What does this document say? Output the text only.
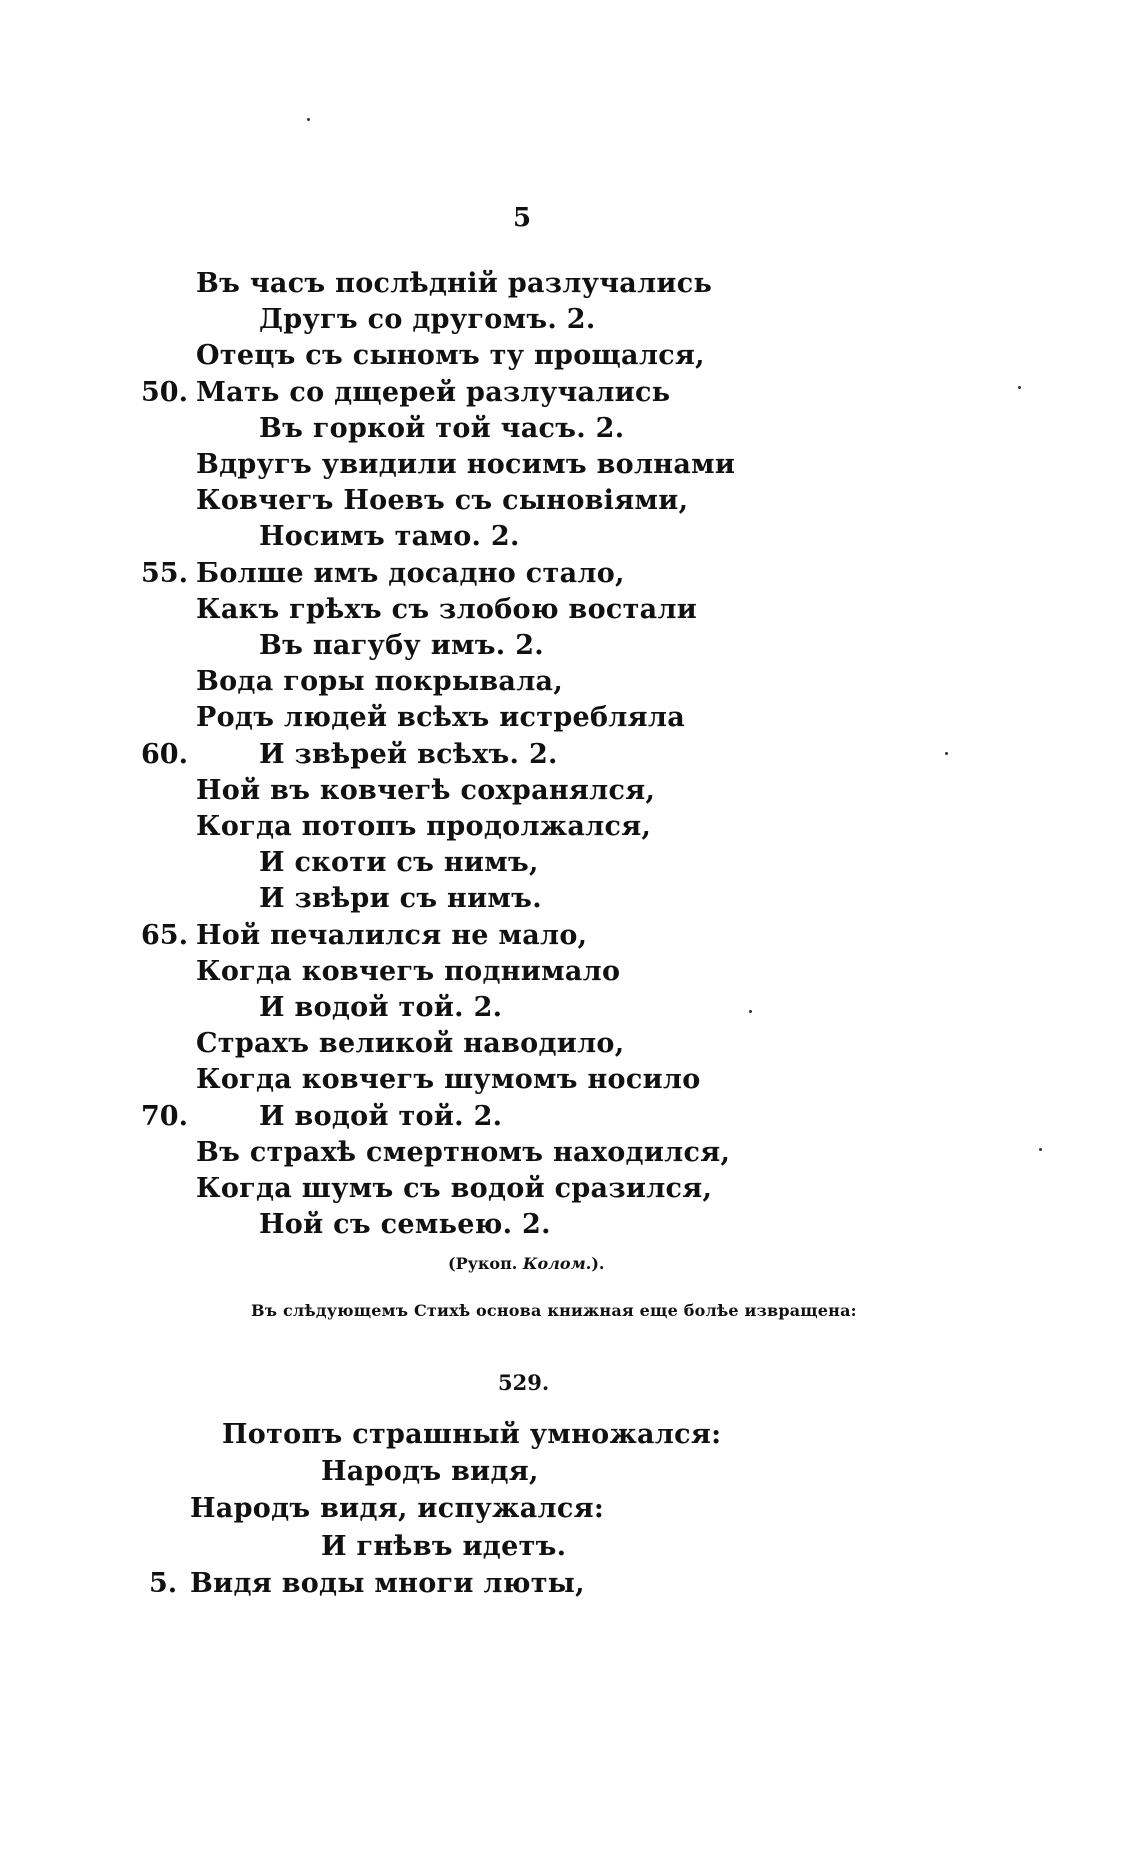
5
Въ часъ послѣдній разлучались
Другъ со другомъ. 2.
Отецъ съ сыномъ ту прощался,
Мать со дщерей разлучались
50.
Въ горкой той часъ. 2.
Вдругъ увидили носимъ волнами
Ковчегъ Ноевъ съ сыновіями,
Носимъ тамо. 2.
Болше имъ досадно стало,
55.
Какъ грѣхъ съ злобою востали
Въ пагубу имъ. 2.
Вода горы покрывала,
Родъ людей всѣхъ истребляла
И звѣрей всѣхъ. 2.
60.
Ной въ ковчегѣ сохранялся,
Когда потопъ продолжался,
И скоти съ нимъ,
И звѣри съ нимъ.
Ной печалился не мало,
65.
Когда ковчегъ поднимало
И водой той. 2.
Страхъ великой наводило,
Когда ковчегъ шумомъ носило
И водой той. 2.
70.
Въ страхѣ смертномъ находился,
Когда шумъ съ водой сразился,
Ной съ семьею. 2.
(Рукоп. Колом.).
Въ слѣдующемъ Стихѣ основа книжная еще болѣе извращена:
529.
Потопъ страшный умножался:
Народъ видя,
Народъ видя, испужался:
И гнѣвъ идетъ.
Видя воды многи люты,
5.
